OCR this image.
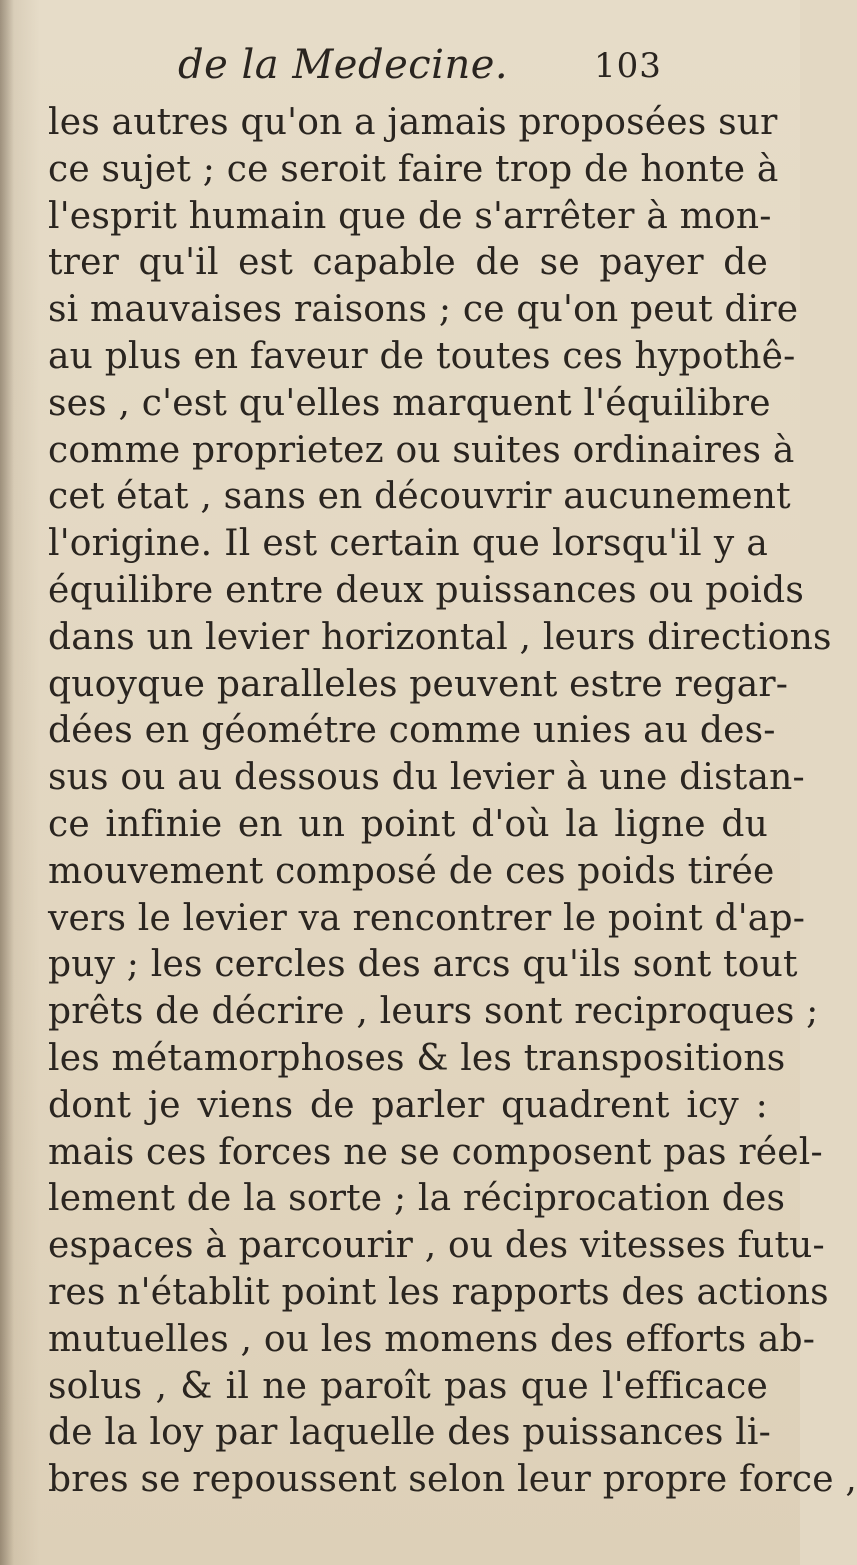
de la Medecine.	103
les autres qu'on a jamais proposées sur
ce sujet ; ce seroit faire trop de honte à
l'esprit humain que de s'arrêter à mon-
trer qu'il est capable de se payer de
si mauvaises raisons ; ce qu'on peut dire
au plus en faveur de toutes ces hypothê-
ses , c'est qu'elles marquent l'équilibre
comme proprietez ou suites ordinaires à
cet état , sans en découvrir aucunement
l'origine. Il est certain que lorsqu'il y a
équilibre entre deux puissances ou poids
dans un levier horizontal , leurs directions
quoyque paralleles peuvent estre regar-
dées en géométre comme unies au des-
sus ou au dessous du levier à une distan-
ce infinie en un point d'où la ligne du
mouvement composé de ces poids tirée
vers le levier va rencontrer le point d'ap-
puy ; les cercles des arcs qu'ils sont tout
prêts de décrire , leurs sont reciproques ;
les métamorphoses & les transpositions
dont je viens de parler quadrent icy :
mais ces forces ne se composent pas réel-
lement de la sorte ; la réciprocation des
espaces à parcourir , ou des vitesses futu-
res n'établit point les rapports des actions
mutuelles , ou les momens des efforts ab-
solus , & il ne paroît pas que l'efficace
de la loy par laquelle des puissances li-
bres se repoussent selon leur propre force ,
